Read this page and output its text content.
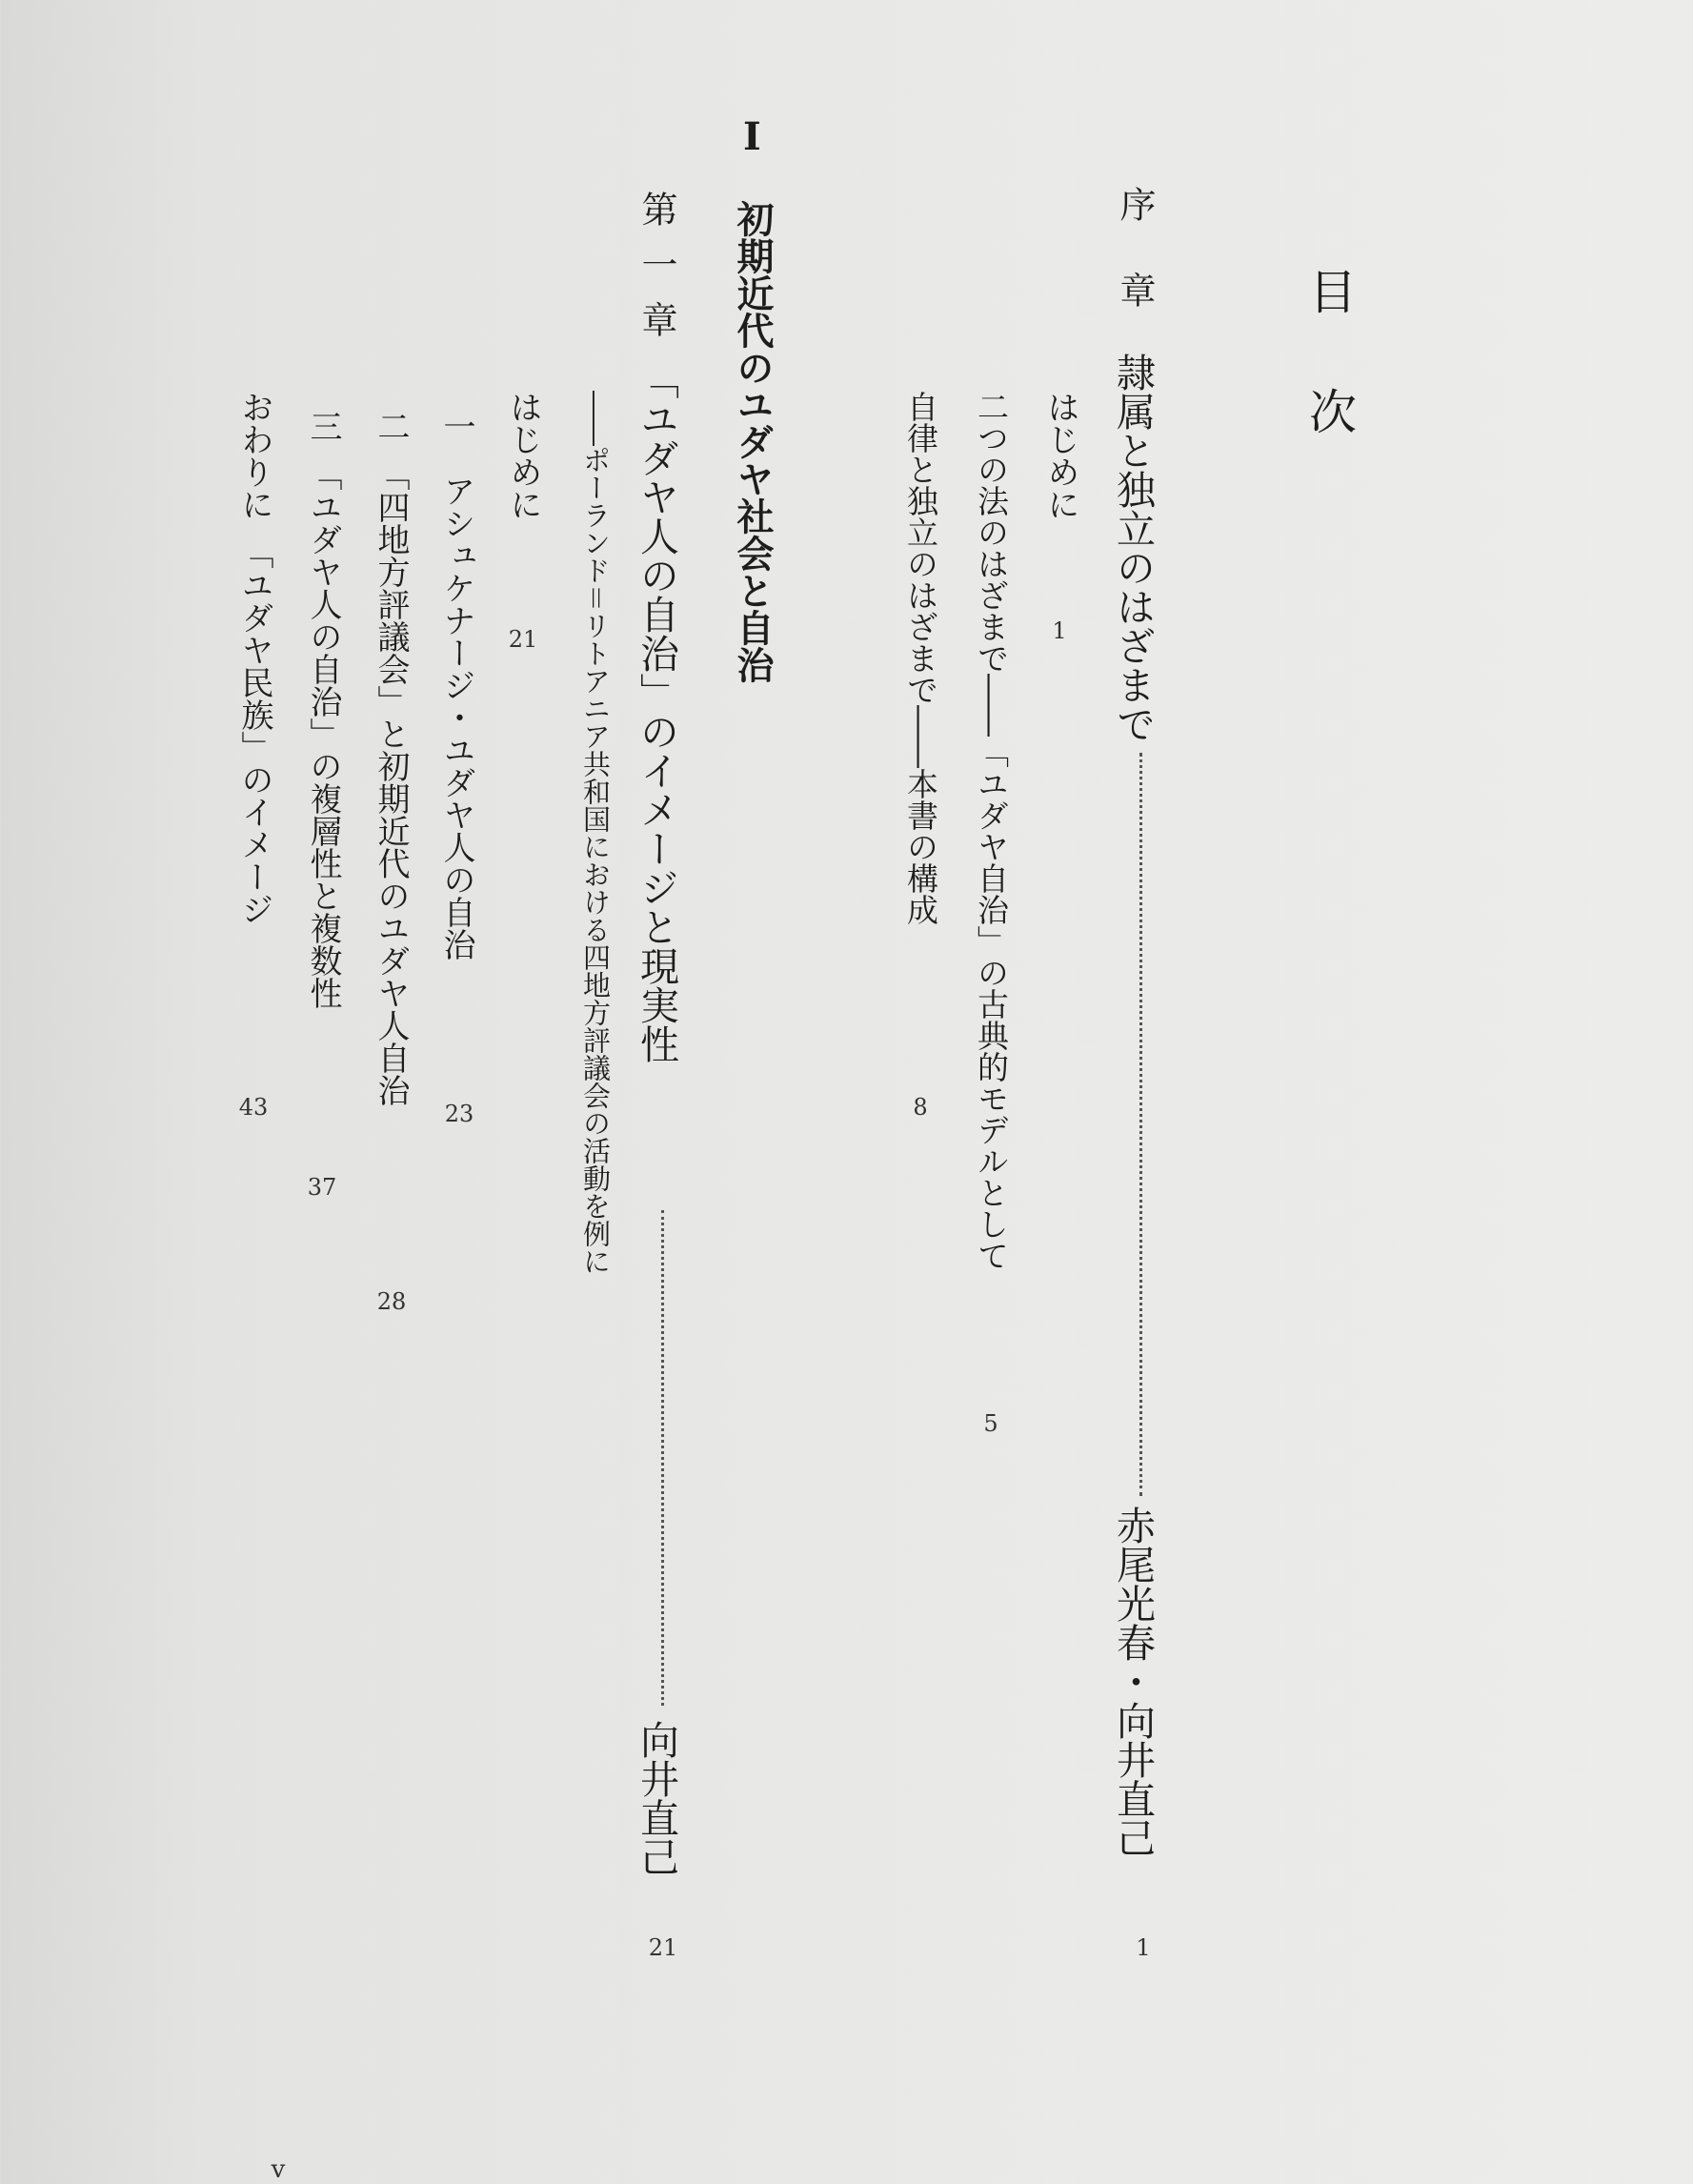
目 次
序 章
隷属と独立のはざまで
赤尾光春・向井直己
1
はじめに
1
二つの法のはざまで――「ユダヤ自治」の古典的モデルとして
5
自律と独立のはざまで――本書の構成
8
I
初期近代のユダヤ社会と自治
第一章
「ユダヤ人の自治」のイメージと現実性
向井直己
21
――ポーランド＝リトアニア共和国における四地方評議会の活動を例に
はじめに
21
一　アシュケナージ・ユダヤ人の自治
23
二　「四地方評議会」と初期近代のユダヤ人自治
28
三　「ユダヤ人の自治」の複層性と複数性
37
おわりに　「ユダヤ民族」のイメージ
43
v
